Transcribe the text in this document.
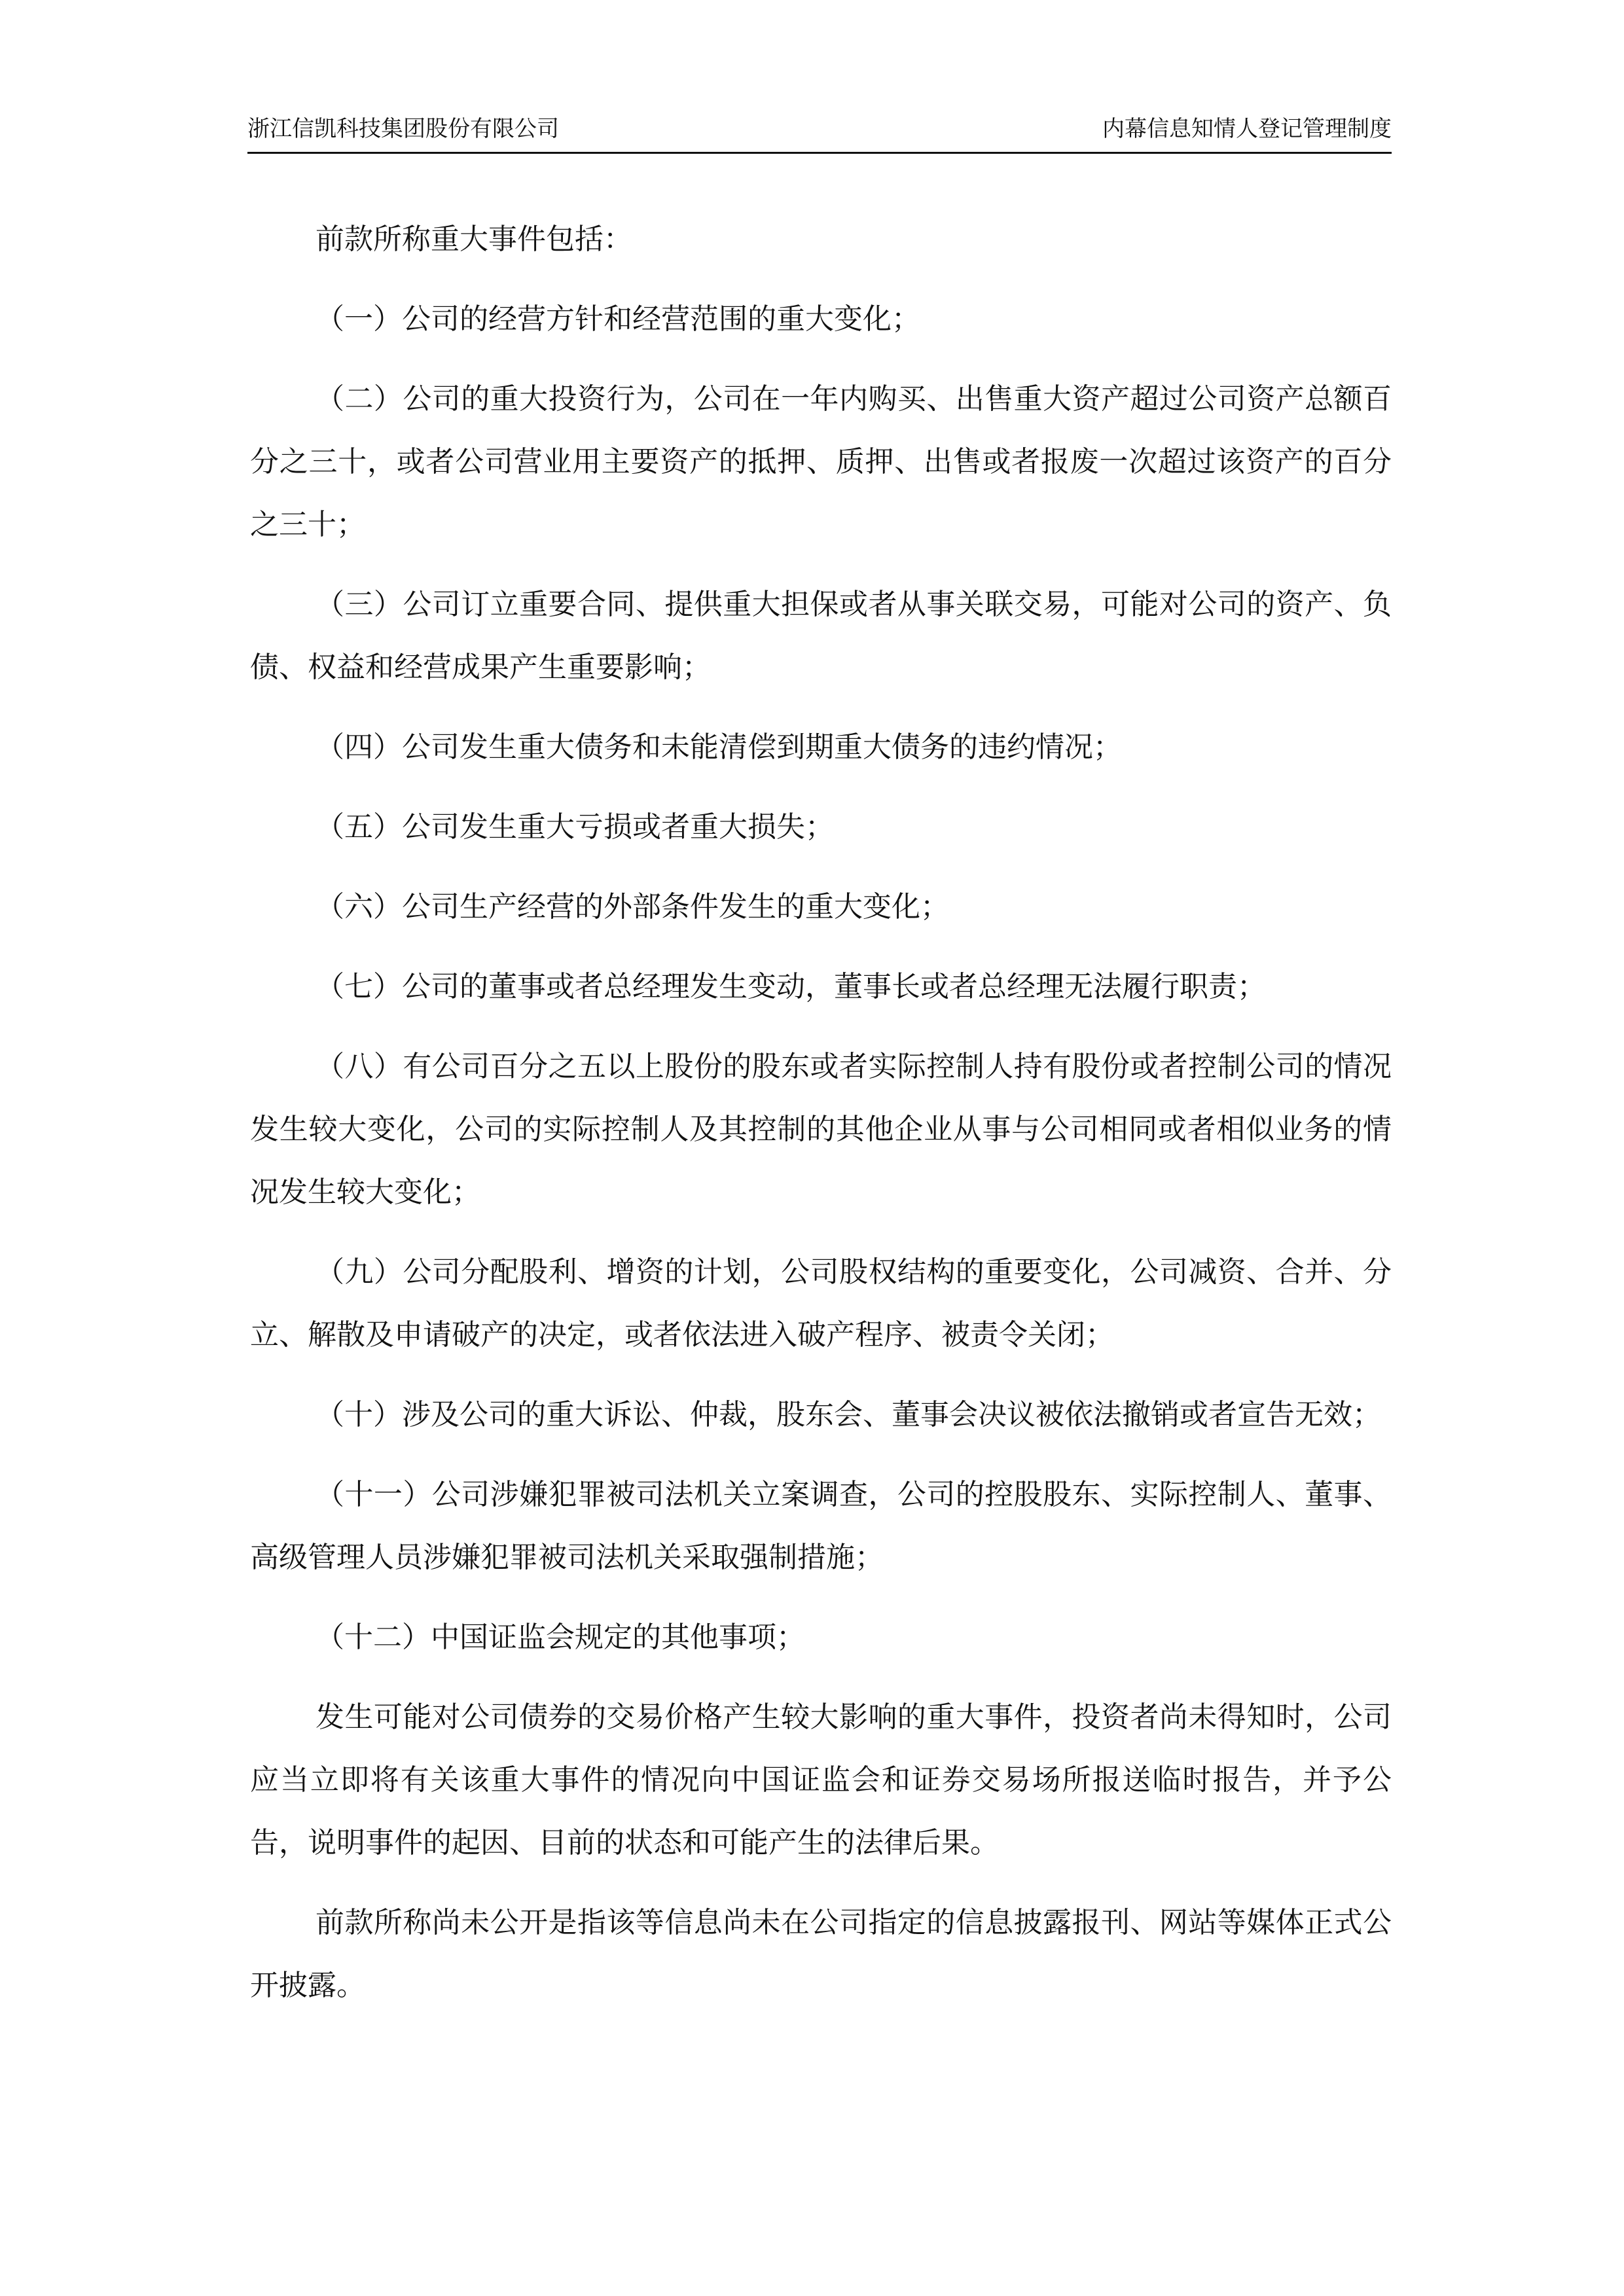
浙江信凯科技集团股份有限公司	内幕信息知情人登记管理制度

前款所称重大事件包括：

（一）公司的经营方针和经营范围的重大变化；

（二）公司的重大投资行为，公司在一年内购买、出售重大资产超过公司资产总额百分之三十，或者公司营业用主要资产的抵押、质押、出售或者报废一次超过该资产的百分之三十；

（三）公司订立重要合同、提供重大担保或者从事关联交易，可能对公司的资产、负债、权益和经营成果产生重要影响；

（四）公司发生重大债务和未能清偿到期重大债务的违约情况；

（五）公司发生重大亏损或者重大损失；

（六）公司生产经营的外部条件发生的重大变化；

（七）公司的董事或者总经理发生变动，董事长或者总经理无法履行职责；

（八）有公司百分之五以上股份的股东或者实际控制人持有股份或者控制公司的情况发生较大变化，公司的实际控制人及其控制的其他企业从事与公司相同或者相似业务的情况发生较大变化；

（九）公司分配股利、增资的计划，公司股权结构的重要变化，公司减资、合并、分立、解散及申请破产的决定，或者依法进入破产程序、被责令关闭；

（十）涉及公司的重大诉讼、仲裁，股东会、董事会决议被依法撤销或者宣告无效；

（十一）公司涉嫌犯罪被司法机关立案调查，公司的控股股东、实际控制人、董事、高级管理人员涉嫌犯罪被司法机关采取强制措施；

（十二）中国证监会规定的其他事项；

发生可能对公司债券的交易价格产生较大影响的重大事件，投资者尚未得知时，公司应当立即将有关该重大事件的情况向中国证监会和证券交易场所报送临时报告，并予公告，说明事件的起因、目前的状态和可能产生的法律后果。

前款所称尚未公开是指该等信息尚未在公司指定的信息披露报刊、网站等媒体正式公开披露。
